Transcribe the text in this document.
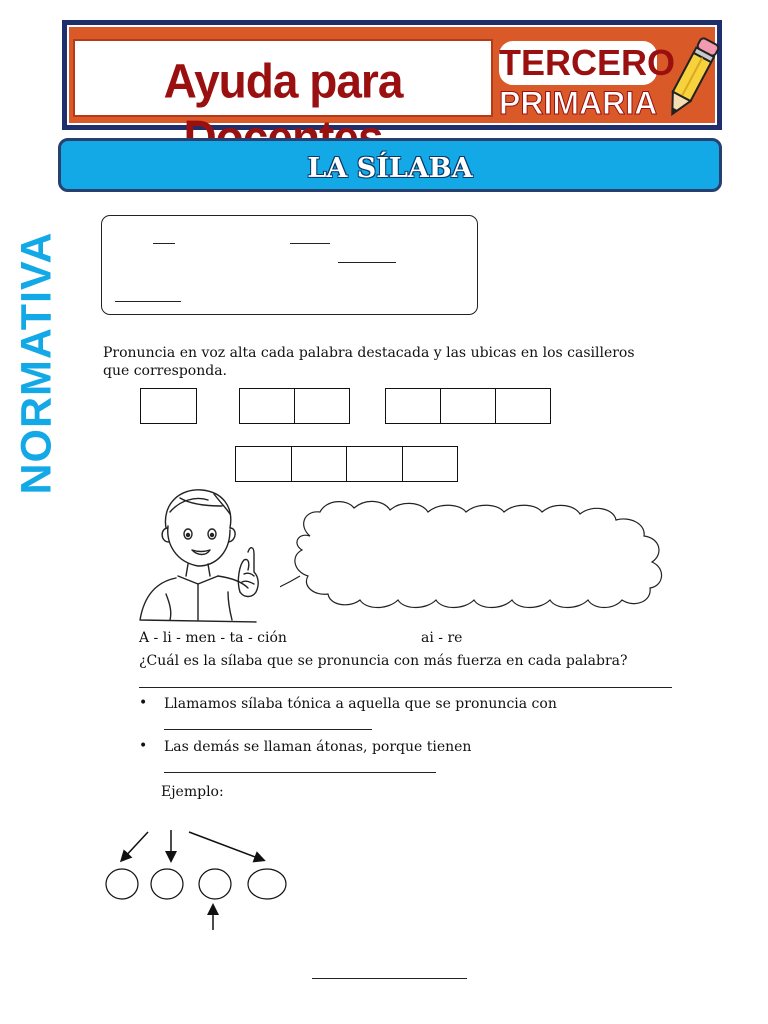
Ayuda para	TERCERO
PRIMARIA
LA SÍLABA
NORMATIVA	Pronuncia en voz alta cada palabra destacada y las ubicas en los casilleros que corresponda.
A - li - men - ta - ción	ai - re
¿Cuál es la sílaba que se pronuncia con más fuerza en cada palabra?
• Llamamos sílaba tónica a aquella que se pronuncia con
• Las demás se llaman átonas, porque tienen
Ejemplo:
